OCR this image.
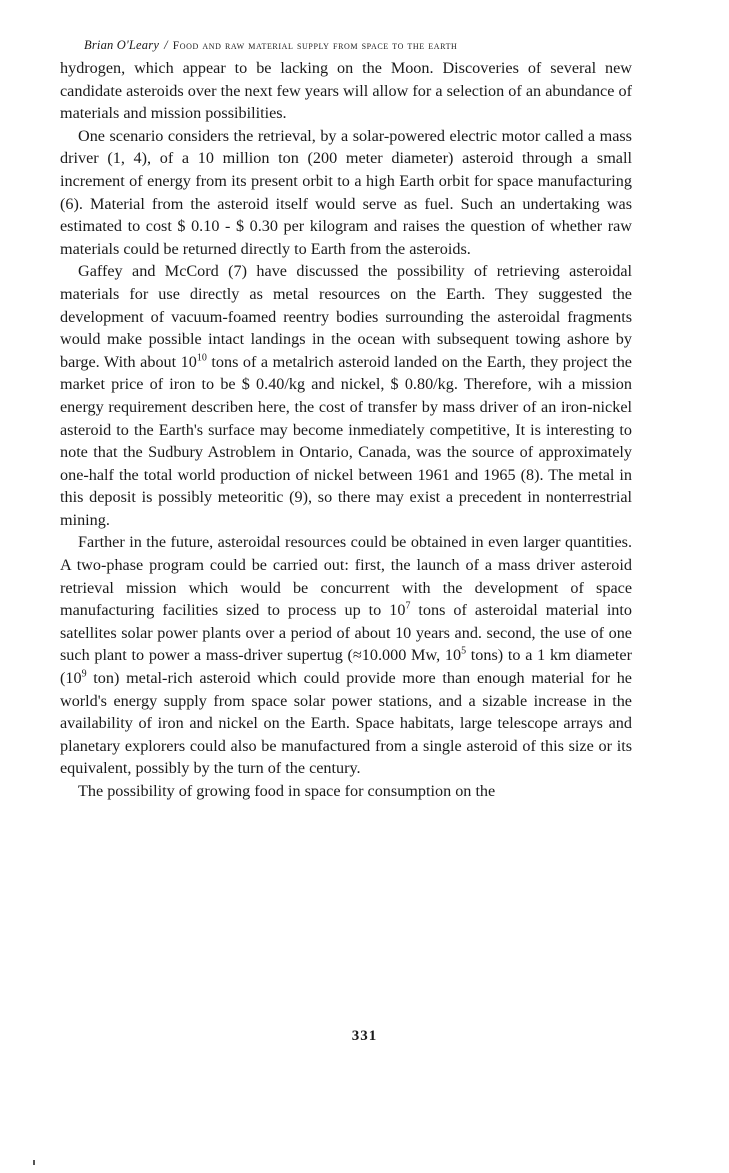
Brian O'Leary / Food and raw material supply from space to the earth

hydrogen, which appear to be lacking on the Moon. Discoveries of several new candidate asteroids over the next few years will allow for a selection of an abundance of materials and mission possibilities.

One scenario considers the retrieval, by a solar-powered electric motor called a mass driver (1, 4), of a 10 million ton (200 meter diameter) asteroid through a small increment of energy from its present orbit to a high Earth orbit for space manufacturing (6). Material from the asteroid itself would serve as fuel. Such an undertaking was estimated to cost $ 0.10 - $ 0.30 per kilogram and raises the question of whether raw materials could be returned directly to Earth from the asteroids.

Gaffey and McCord (7) have discussed the possibility of retrieving asteroidal materials for use directly as metal resources on the Earth. They suggested the development of vacuum-foamed reentry bodies surrounding the asteroidal fragments would make possible intact landings in the ocean with subsequent towing ashore by barge. With about $10^{10}$ tons of a metalrich asteroid landed on the Earth, they project the market price of iron to be $ 0.40/kg and nickel, $ 0.80/kg. Therefore, wih a mission energy requirement describen here, the cost of transfer by mass driver of an iron-nickel asteroid to the Earth's surface may become inmediately competitive, It is interesting to note that the Sudbury Astroblem in Ontario, Canada, was the source of approximately one-half the total world production of nickel between 1961 and 1965 (8). The metal in this deposit is possibly meteoritic (9), so there may exist a precedent in nonterrestrial mining.

Farther in the future, asteroidal resources could be obtained in even larger quantities. A two-phase program could be carried out: first, the launch of a mass driver asteroid retrieval mission which would be concurrent with the development of space manufacturing facilities sized to process up to $10^7$ tons of asteroidal material into satellites solar power plants over a period of about 10 years and. second, the use of one such plant to power a mass-driver supertug (≈10.000 Mw, $10^5$ tons) to a 1 km diameter ($10^9$ ton) metal-rich asteroid which could provide more than enough material for he world's energy supply from space solar power stations, and a sizable increase in the availability of iron and nickel on the Earth. Space habitats, large telescope arrays and planetary explorers could also be manufactured from a single asteroid of this size or its equivalent, possibly by the turn of the century.

The possibility of growing food in space for consumption on the

331
